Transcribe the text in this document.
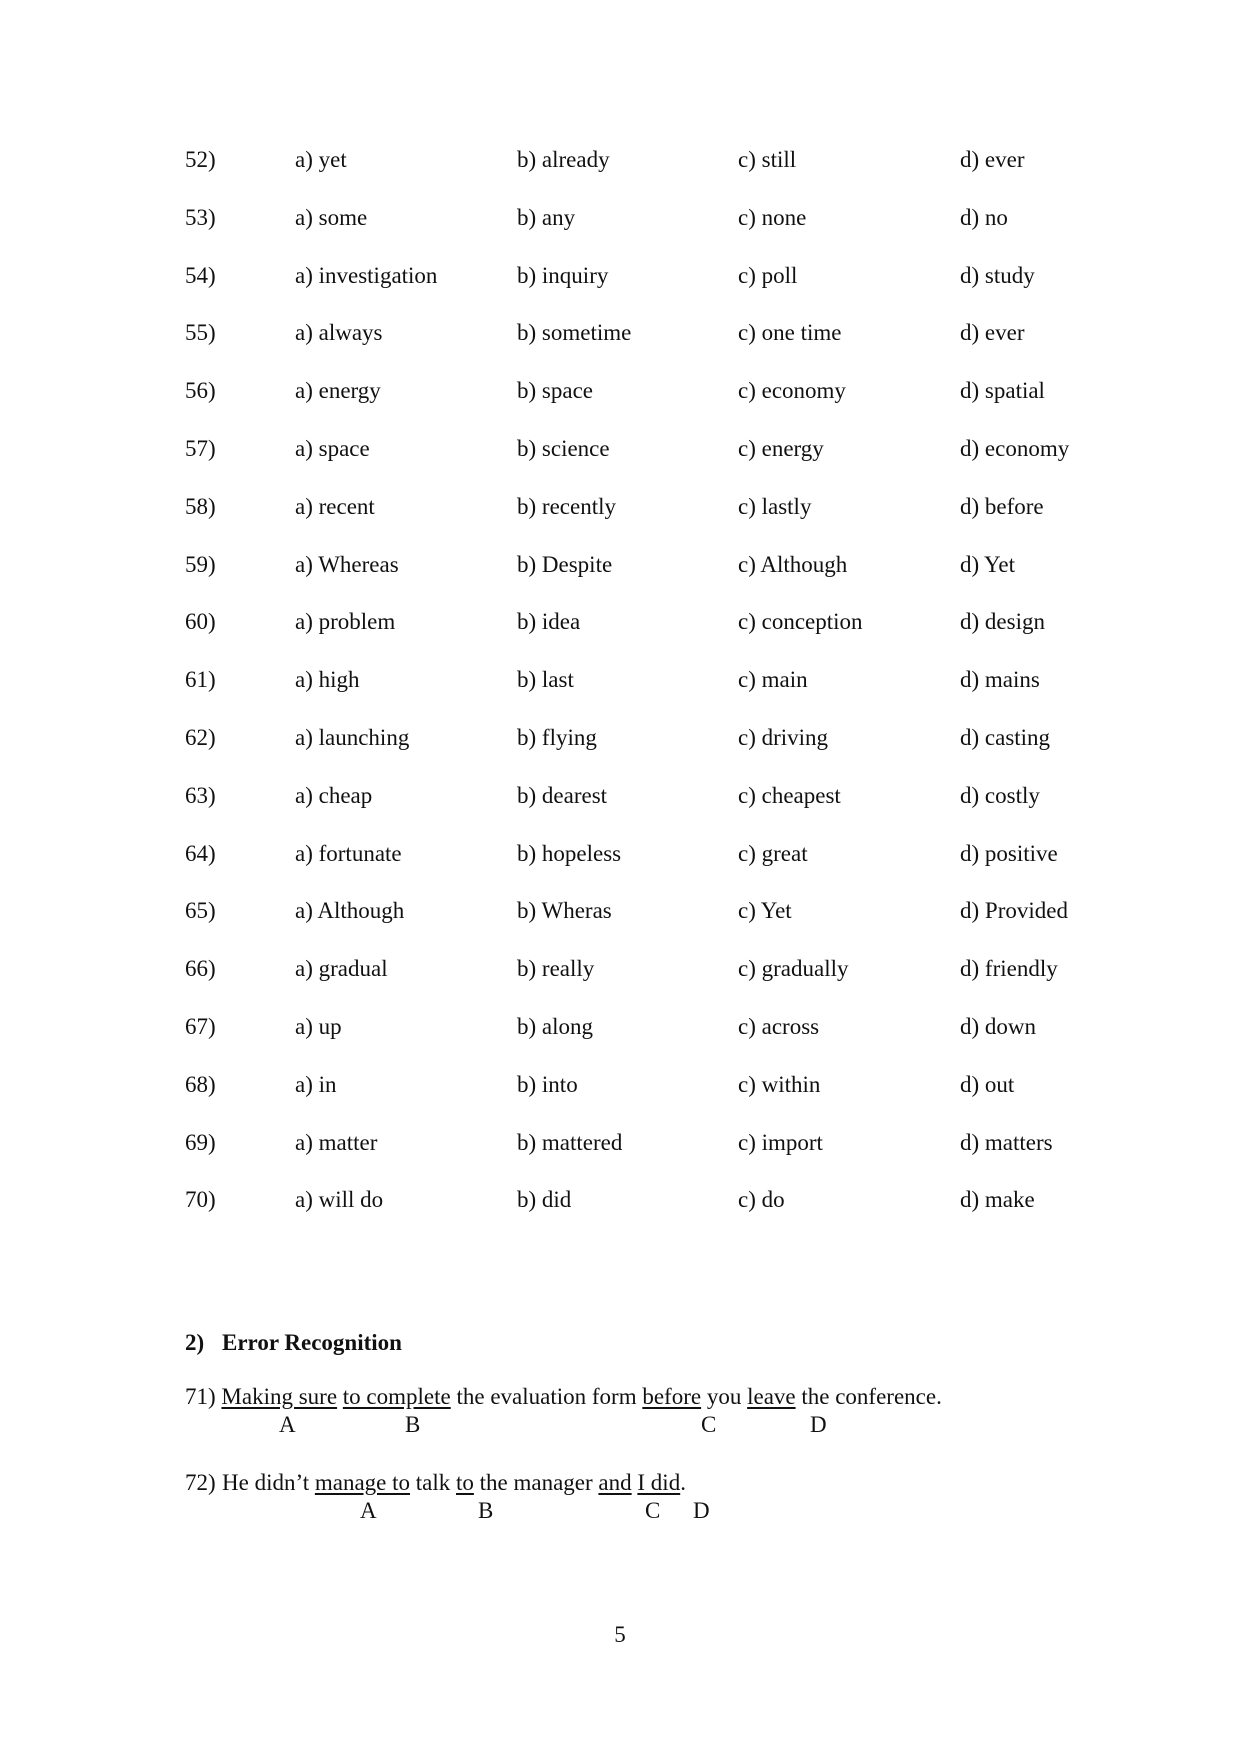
52)	a) yet	b) already	c) still	d) ever
53)	a) some	b) any	c) none	d) no
54)	a) investigation	b) inquiry	c) poll	d) study
55)	a) always	b) sometime	c) one time	d) ever
56)	a) energy	b) space	c) economy	d) spatial
57)	a) space	b) science	c) energy	d) economy
58)	a) recent	b) recently	c) lastly	d) before
59)	a) Whereas	b) Despite	c) Although	d) Yet
60)	a) problem	b) idea	c) conception	d) design
61)	a) high	b) last	c) main	d) mains
62)	a) launching	b) flying	c) driving	d) casting
63)	a) cheap	b) dearest	c) cheapest	d) costly
64)	a) fortunate	b) hopeless	c) great	d) positive
65)	a) Although	b) Wheras	c) Yet	d) Provided
66)	a) gradual	b) really	c) gradually	d) friendly
67)	a) up	b) along	c) across	d) down
68)	a) in	b) into	c) within	d) out
69)	a) matter	b) mattered	c) import	d) matters
70)	a) will do	b) did	c) do	d) make
2) Error Recognition
71) Making sure to complete the evaluation form before you leave the conference.
A	B	C	D
72) He didn’t manage to talk to the manager and I did.
A	B	C D
5
